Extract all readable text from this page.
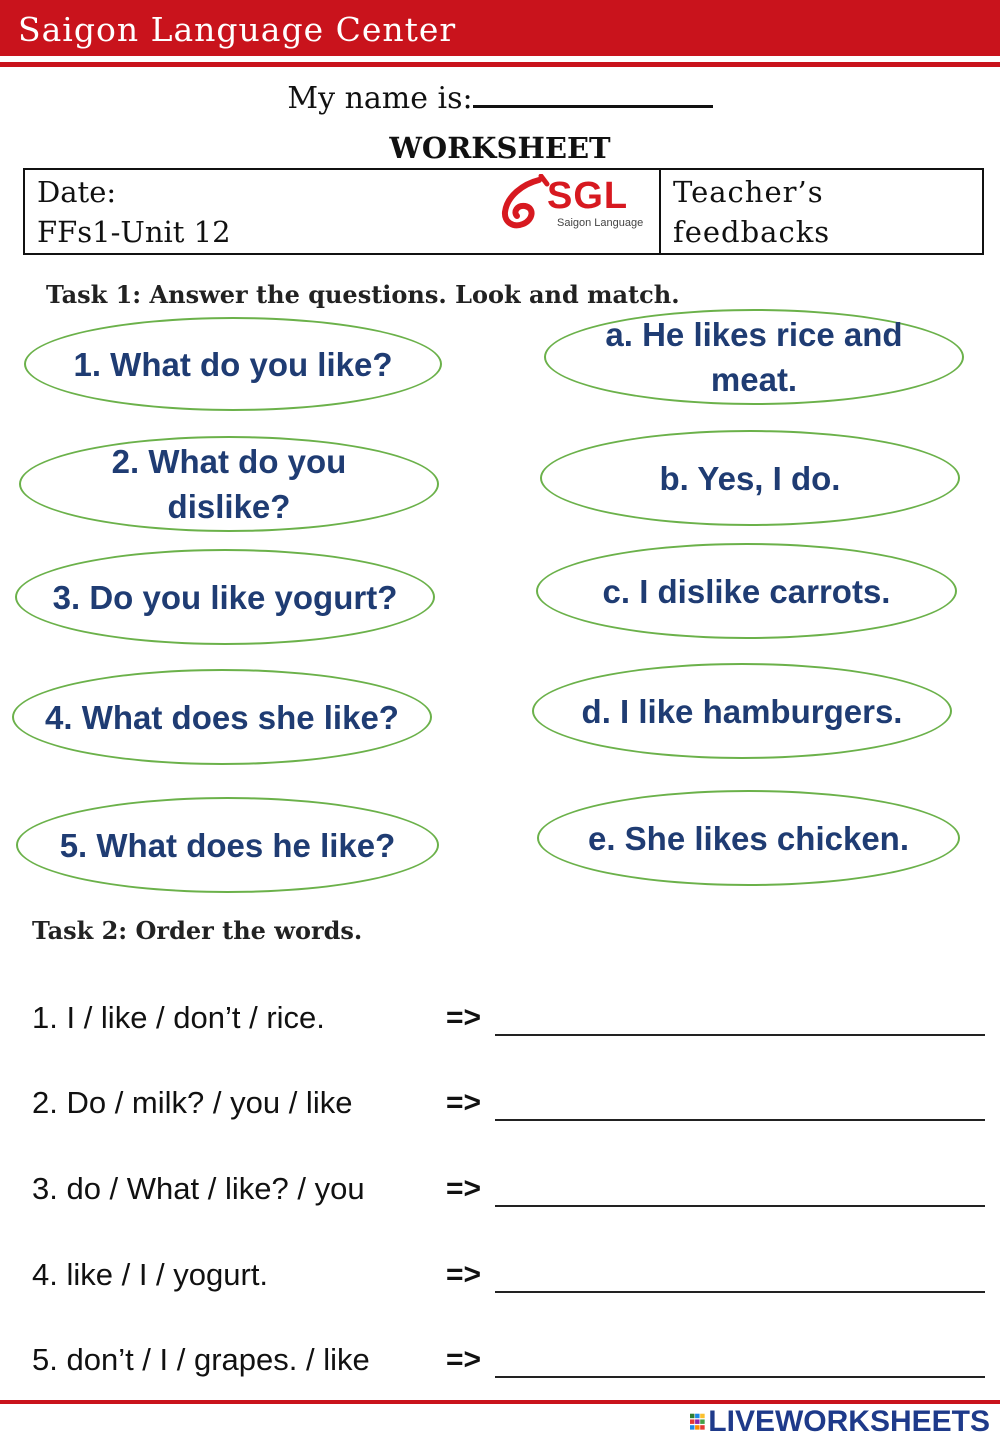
Saigon Language Center
My name is:
WORKSHEET
Date:
FFs1-Unit 12
SGL
Saigon Language
Teacher’s
feedbacks
Task 1: Answer the questions. Look and match.
1. What do you like?
2. What do you dislike?
3. Do you like yogurt?
4. What does she like?
5. What does he like?
a. He likes rice and meat.
b. Yes, I do.
c. I dislike carrots.
d. I like hamburgers.
e. She likes chicken.
Task 2: Order the words.
1. I / like / don’t / rice.	=>
2. Do / milk? / you / like	=>
3. do / What / like? / you	=>
4. like / I / yogurt.	=>
5. don’t / I / grapes. / like	=>
LIVEWORKSHEETS
